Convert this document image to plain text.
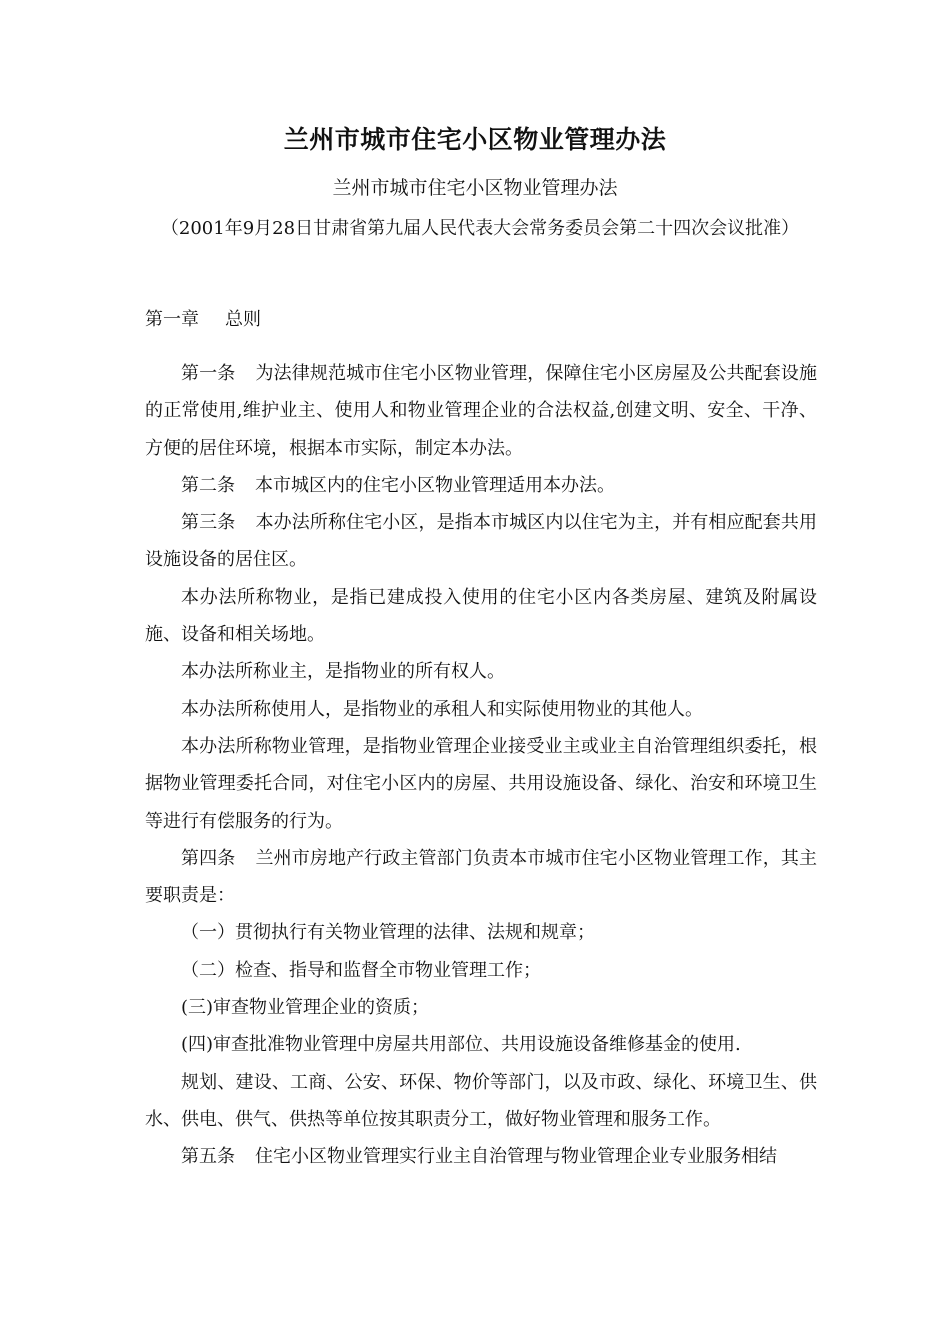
兰州市城市住宅小区物业管理办法
兰州市城市住宅小区物业管理办法
（2001年9月28日甘肃省第九届人民代表大会常务委员会第二十四次会议批准）
第一章 总则

第一条 为法律规范城市住宅小区物业管理，保障住宅小区房屋及公共配套设施的正常使用,维护业主、使用人和物业管理企业的合法权益,创建文明、安全、干净、方便的居住环境，根据本市实际，制定本办法。

第二条 本市城区内的住宅小区物业管理适用本办法。

第三条 本办法所称住宅小区，是指本市城区内以住宅为主，并有相应配套共用设施设备的居住区。

本办法所称物业，是指已建成投入使用的住宅小区内各类房屋、建筑及附属设施、设备和相关场地。

本办法所称业主，是指物业的所有权人。

本办法所称使用人，是指物业的承租人和实际使用物业的其他人。

本办法所称物业管理，是指物业管理企业接受业主或业主自治管理组织委托，根据物业管理委托合同，对住宅小区内的房屋、共用设施设备、绿化、治安和环境卫生等进行有偿服务的行为。

第四条 兰州市房地产行政主管部门负责本市城市住宅小区物业管理工作，其主要职责是：

（一）贯彻执行有关物业管理的法律、法规和规章；

（二）检查、指导和监督全市物业管理工作；

(三)审查物业管理企业的资质；

(四)审查批准物业管理中房屋共用部位、共用设施设备维修基金的使用.

规划、建设、工商、公安、环保、物价等部门，以及市政、绿化、环境卫生、供水、供电、供气、供热等单位按其职责分工，做好物业管理和服务工作。

第五条 住宅小区物业管理实行业主自治管理与物业管理企业专业服务相结
